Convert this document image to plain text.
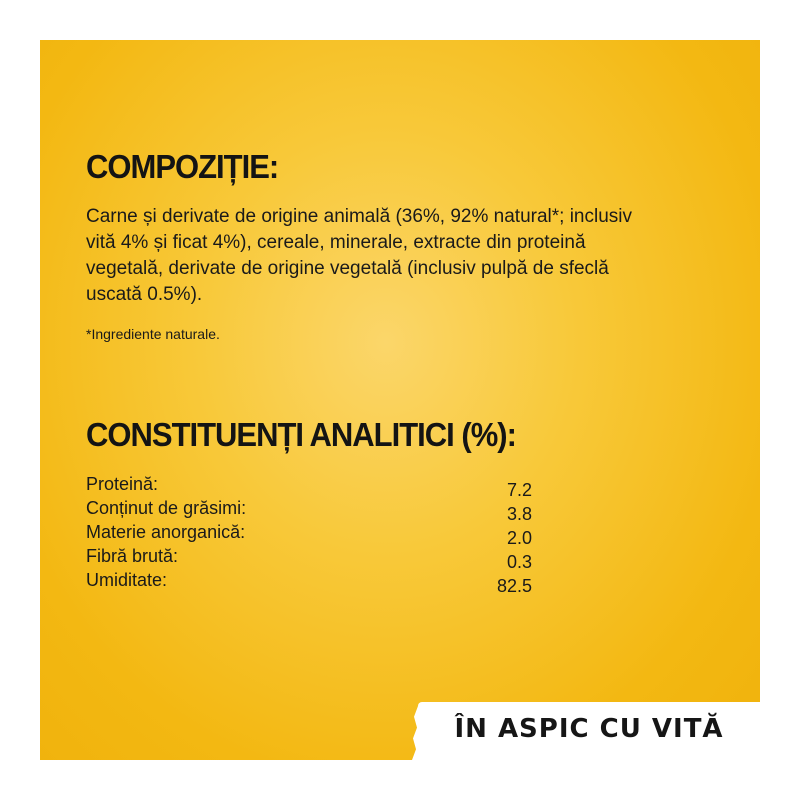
COMPOZIȚIE:

Carne și derivate de origine animală (36%, 92% natural*; inclusiv vită 4% și ficat 4%), cereale, minerale, extracte din proteină vegetală, derivate de origine vegetală (inclusiv pulpă de sfeclă uscată 0.5%).

*Ingrediente naturale.
CONSTITUENȚI ANALITICI (%):
Proteină:	7.2
Conținut de grăsimi:	3.8
Materie anorganică:	2.0
Fibră brută:	0.3
Umiditate:	82.5
ÎN ASPIC CU VITĂ
